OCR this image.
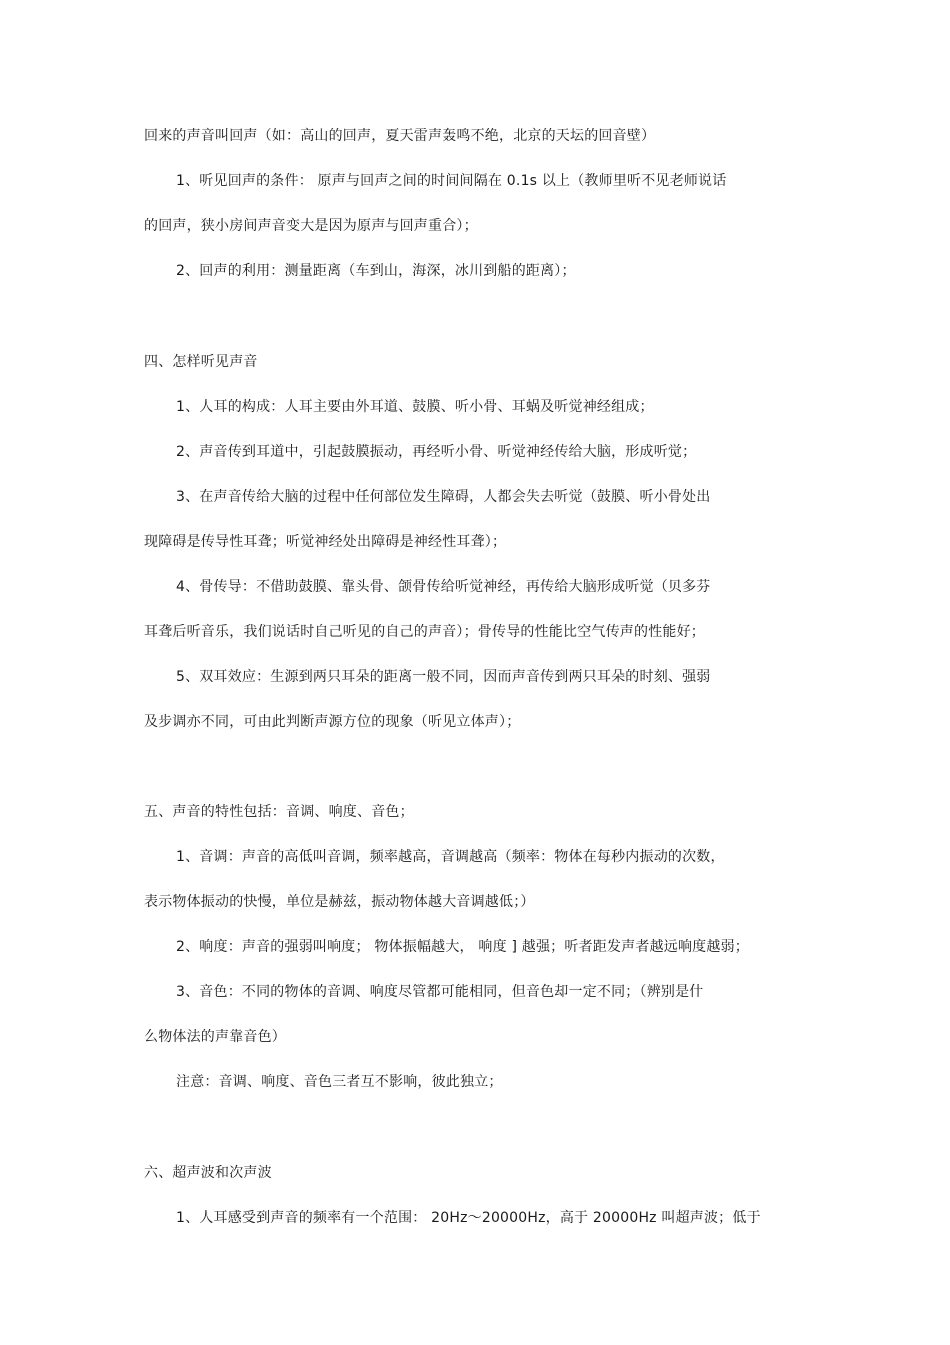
回来的声音叫回声（如：高山的回声，夏天雷声轰鸣不绝，北京的天坛的回音壁）
1、听见回声的条件： 原声与回声之间的时间间隔在 0.1s 以上（教师里听不见老师说话
的回声，狭小房间声音变大是因为原声与回声重合）；
2、回声的利用：测量距离（车到山，海深，冰川到船的距离）；
四、怎样听见声音
1、人耳的构成：人耳主要由外耳道、鼓膜、听小骨、耳蜗及听觉神经组成；
2、声音传到耳道中，引起鼓膜振动，再经听小骨、听觉神经传给大脑，形成听觉；
3、在声音传给大脑的过程中任何部位发生障碍，人都会失去听觉（鼓膜、听小骨处出
现障碍是传导性耳聋；听觉神经处出障碍是神经性耳聋）；
4、骨传导：不借助鼓膜、靠头骨、颌骨传给听觉神经，再传给大脑形成听觉（贝多芬
耳聋后听音乐，我们说话时自己听见的自己的声音）；骨传导的性能比空气传声的性能好；
5、双耳效应：生源到两只耳朵的距离一般不同，因而声音传到两只耳朵的时刻、强弱
及步调亦不同，可由此判断声源方位的现象（听见立体声）；
五、声音的特性包括：音调、响度、音色；
1、音调：声音的高低叫音调，频率越高，音调越高（频率：物体在每秒内振动的次数，
表示物体振动的快慢，单位是赫兹，振动物体越大音调越低；）
2、响度：声音的强弱叫响度； 物体振幅越大， 响度 ] 越强；听者距发声者越远响度越弱；
3、音色：不同的物体的音调、响度尽管都可能相同，但音色却一定不同；（辨别是什
么物体法的声靠音色）
注意：音调、响度、音色三者互不影响，彼此独立；
六、超声波和次声波
1、人耳感受到声音的频率有一个范围： 20Hz～20000Hz，高于 20000Hz 叫超声波；低于
